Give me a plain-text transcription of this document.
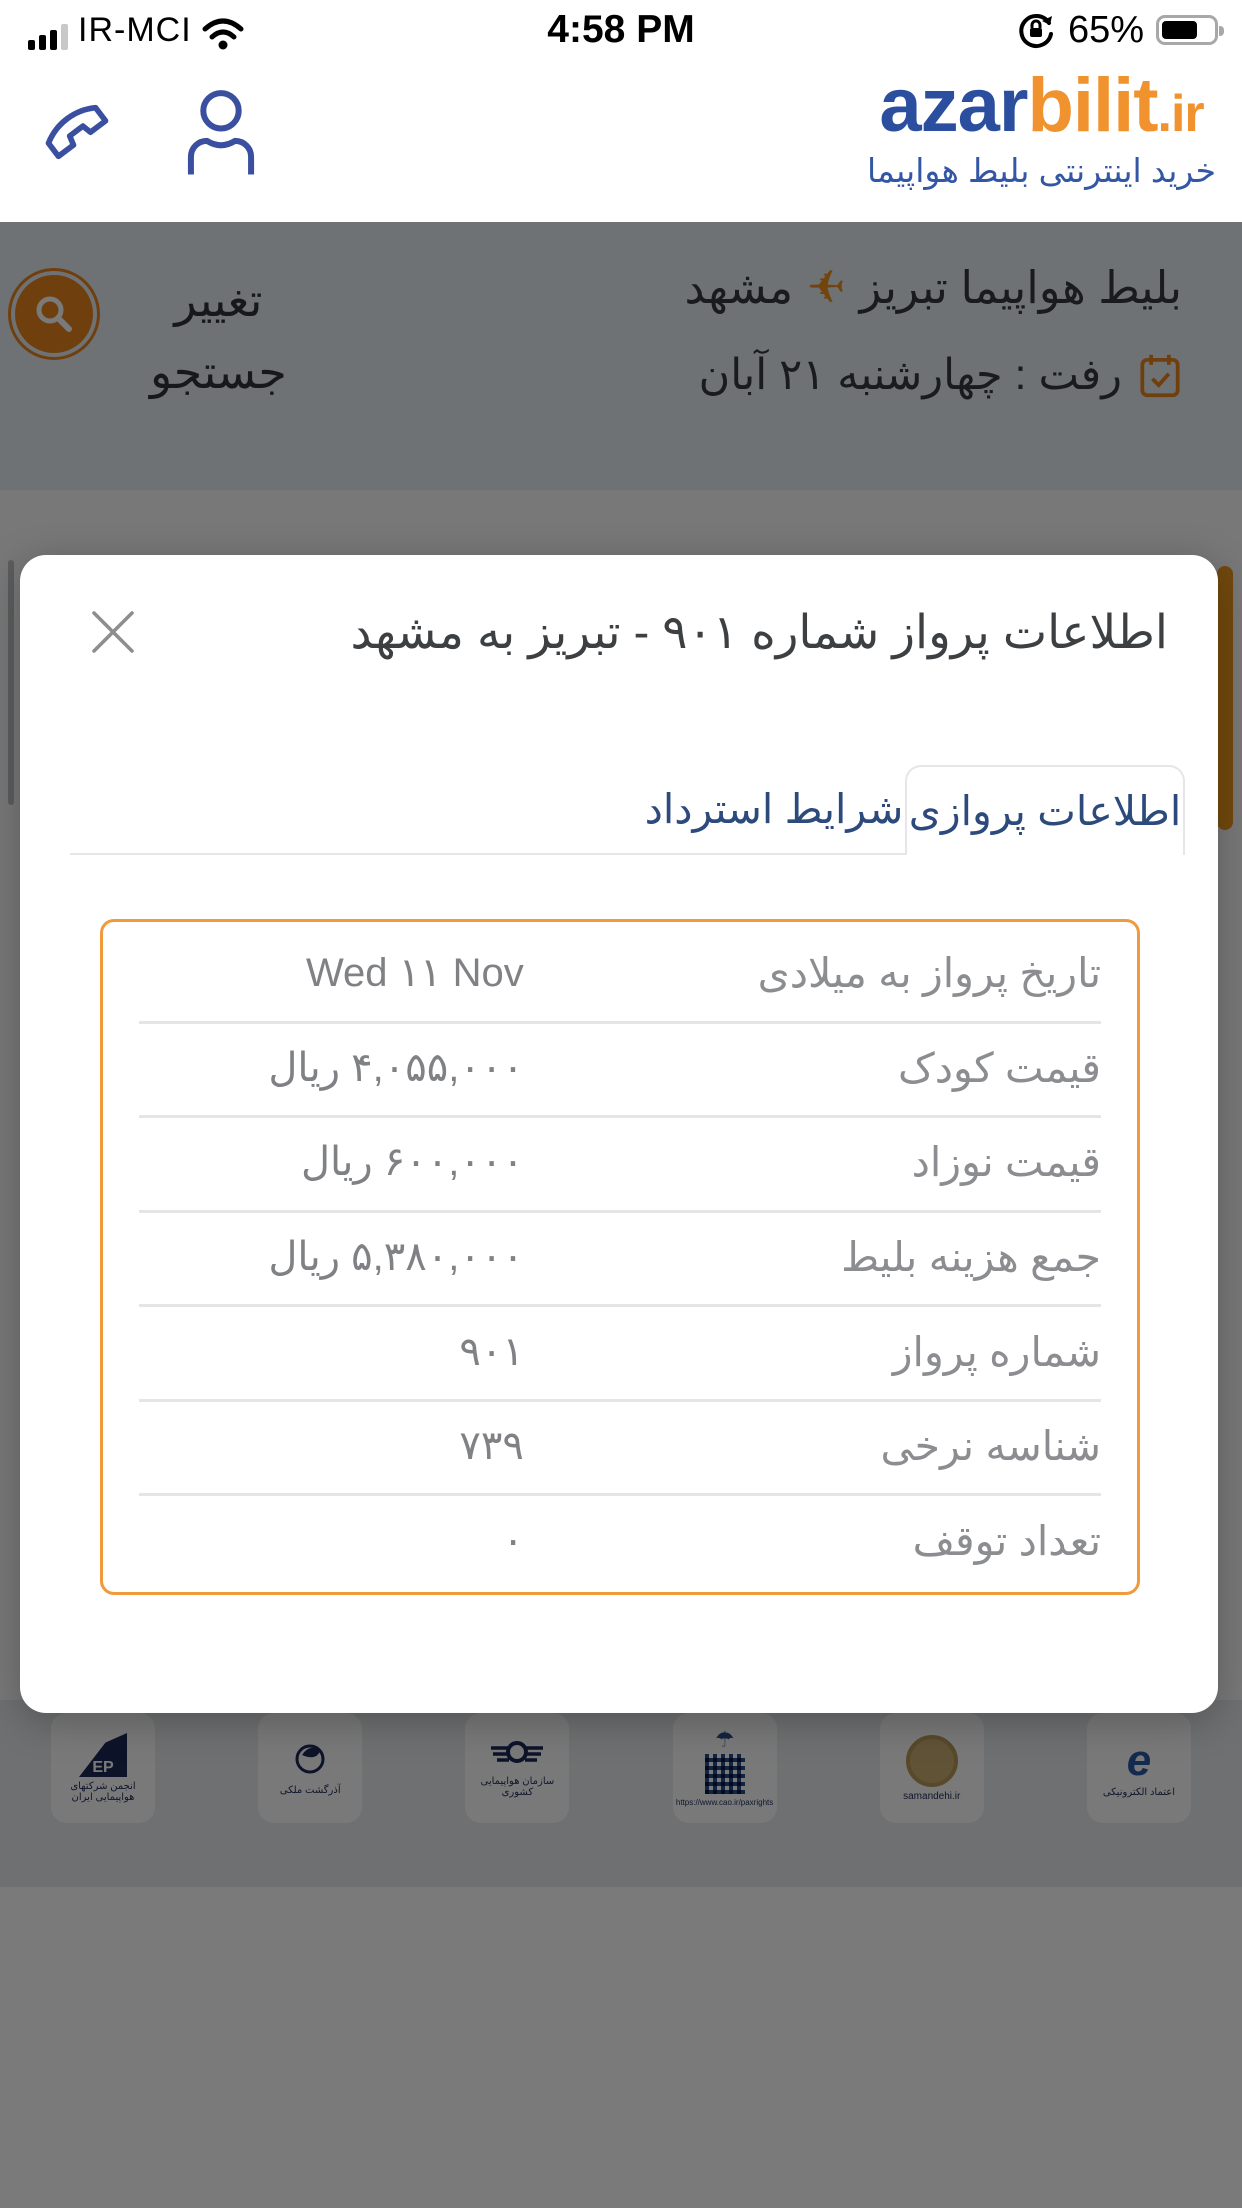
IR-MCI	4:58 PM	65%
azarbilit.ir
خرید اینترنتی بلیط هواپیما
اطلاعات پرواز شماره ۹۰۱ - تبریز به مشهد
اطلاعات پروازی
شرایط استرداد
Wed ۱۱ Nov	تاریخ پرواز به میلادی
۴,۰۵۵,۰۰۰ ریال	قیمت کودک
۶۰۰,۰۰۰ ریال	قیمت نوزاد
۵,۳۸۰,۰۰۰ ریال	جمع هزینه بلیط
۹۰۱	شماره پرواز
۷۳۹	شناسه نرخی
۰	تعداد توقف
